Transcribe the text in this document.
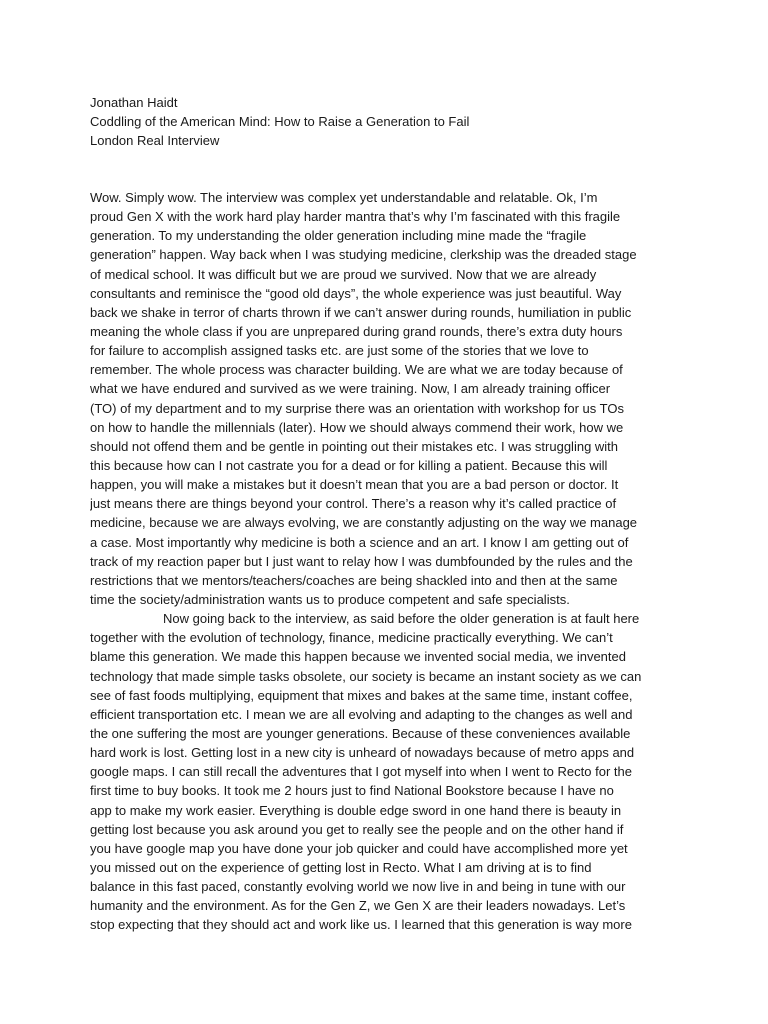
Jonathan Haidt
Coddling of the American Mind: How to Raise a Generation to Fail
London Real Interview
Wow. Simply wow. The interview was complex yet understandable and relatable. Ok, I’m
proud Gen X with the work hard play harder mantra that’s why I’m fascinated with this fragile
generation. To my understanding the older generation including mine made the “fragile
generation” happen. Way back when I was studying medicine, clerkship was the dreaded stage
of medical school. It was difficult but we are proud we survived. Now that we are already
consultants and reminisce the “good old days”, the whole experience was just beautiful. Way
back we shake in terror of charts thrown if we can’t answer during rounds, humiliation in public
meaning the whole class if you are unprepared during grand rounds, there’s extra duty hours
for failure to accomplish assigned tasks etc. are just some of the stories that we love to
remember. The whole process was character building. We are what we are today because of
what we have endured and survived as we were training. Now, I am already training officer
(TO) of my department and to my surprise there was an orientation with workshop for us TOs
on how to handle the millennials (later). How we should always commend their work, how we
should not offend them and be gentle in pointing out their mistakes etc. I was struggling with
this because how can I not castrate you for a dead or for killing a patient. Because this will
happen, you will make a mistakes but it doesn’t mean that you are a bad person or doctor. It
just means there are things beyond your control. There’s a reason why it’s called practice of
medicine, because we are always evolving, we are constantly adjusting on the way we manage
a case. Most importantly why medicine is both a science and an art. I know I am getting out of
track of my reaction paper but I just want to relay how I was dumbfounded by the rules and the
restrictions that we mentors/teachers/coaches are being shackled into and then at the same
time the society/administration wants us to produce competent and safe specialists.
Now going back to the interview, as said before the older generation is at fault here
together with the evolution of technology, finance, medicine practically everything. We can’t
blame this generation. We made this happen because we invented social media, we invented
technology that made simple tasks obsolete, our society is became an instant society as we can
see of fast foods multiplying, equipment that mixes and bakes at the same time, instant coffee,
efficient transportation etc. I mean we are all evolving and adapting to the changes as well and
the one suffering the most are younger generations. Because of these conveniences available
hard work is lost. Getting lost in a new city is unheard of nowadays because of metro apps and
google maps. I can still recall the adventures that I got myself into when I went to Recto for the
first time to buy books. It took me 2 hours just to find National Bookstore because I have no
app to make my work easier. Everything is double edge sword in one hand there is beauty in
getting lost because you ask around you get to really see the people and on the other hand if
you have google map you have done your job quicker and could have accomplished more yet
you missed out on the experience of getting lost in Recto. What I am driving at is to find
balance in this fast paced, constantly evolving world we now live in and being in tune with our
humanity and the environment. As for the Gen Z, we Gen X are their leaders nowadays. Let’s
stop expecting that they should act and work like us. I learned that this generation is way more
